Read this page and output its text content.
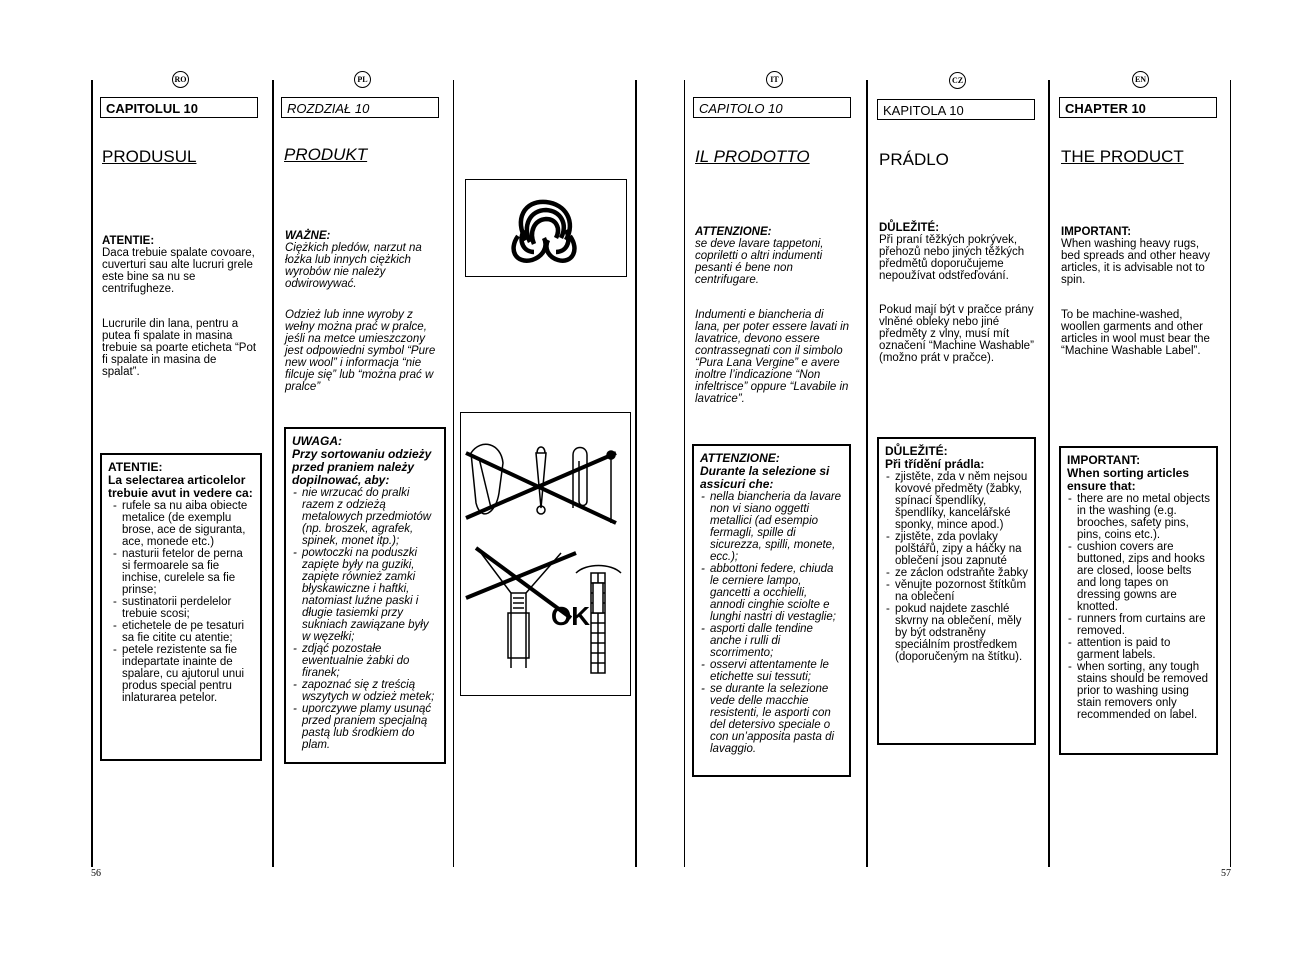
RO
CAPITOLUL 10
PRODUSUL
ATENTIE:
Daca trebuie spalate covoare, cuverturi sau alte lucruri grele este bine sa nu se centrifugheze.
Lucrurile din lana, pentru a putea fi spalate in masina trebuie sa poarte eticheta “Pot fi spalate in masina de spalat”.
ATENTIE:
La selectarea articolelor trebuie avut in vedere ca:
- rufele sa nu aiba obiecte metalice (de exemplu brose, ace de siguranta, ace, monede etc.)
- nasturii fetelor de perna si fermoarele sa fie inchise, curelele sa fie prinse;
- sustinatorii perdelelor trebuie scosi;
- etichetele de pe tesaturi sa fie citite cu atentie;
- petele rezistente sa fie indepartate inainte de spalare, cu ajutorul unui produs special pentru inlaturarea petelor.
PL
ROZDZIAŁ 10
PRODUKT
WAŻNE:
Ciężkich pledów, narzut na łożka lub innych ciężkich wyrobów nie należy odwirowywać.
Odzież lub inne wyroby z wełny można prać w pralce, jeśli na metce umieszczony jest odpowiedni symbol “Pure new wool” i informacja “nie filcuje się” lub “można prać w pralce”
UWAGA:
Przy sortowaniu odzieży przed praniem należy dopilnować, aby:
- nie wrzucać do pralki razem z odzieżą metalowych przedmiotów (np. broszek, agrafek, spinek, monet itp.);
- powtoczki na poduszki zapięte były na guziki, zapięte również zamki błyskawiczne i haftki, natomiast luźne paski i długie tasiemki przy sukniach zawiązane były w węzełki;
- zdjąć pozostałe ewentualnie żabki do firanek;
- zapoznać się z treścią wszytych w odzież metek;
- uporczywe plamy usunąć przed praniem specjalną pastą lub środkiem do plam.
OK
IT
CAPITOLO 10
IL PRODOTTO
ATTENZIONE:
se deve lavare tappetoni, copriletti o altri indumenti pesanti é bene non centrifugare.
Indumenti e biancheria di lana, per poter essere lavati in lavatrice, devono essere contrassegnati con il simbolo “Pura Lana Vergine” e avere inoltre l’indicazione “Non infeltrisce” oppure “Lavabile in lavatrice”.
ATTENZIONE:
Durante la selezione si assicuri che:
- nella biancheria da lavare non vi siano oggetti metallici (ad esempio fermagli, spille di sicurezza, spilli, monete, ecc.);
- abbottoni federe, chiuda le cerniere lampo, gancetti a occhielli, annodi cinghie sciolte e lunghi nastri di vestaglie;
- asporti dalle tendine anche i rulli di scorrimento;
- osservi attentamente le etichette sui tessuti;
- se durante la selezione vede delle macchie resistenti, le asporti con del detersivo speciale o con un’apposita pasta di lavaggio.
CZ
KAPITOLA 10
PRÁDLO
DŮLEŽITÉ:
Při praní těžkých pokrývek, přehozů nebo jiných těžkých předmětů doporučujeme nepoužívat odstřeďování.
Pokud mají být v pračce prány vlněné obleky nebo jiné předměty z vlny, musí mít označení “Machine Washable” (možno prát v pračce).
DŮLEŽITÉ:
Při třídění prádla:
- zjistěte, zda v něm nejsou kovové předměty (žabky, spínací špendlíky, špendlíky, kancelářské sponky, mince apod.)
- zjistěte, zda povlaky polštářů, zipy a háčky na oblečení jsou zapnuté
- ze záclon odstraňte žabky
- věnujte pozornost štítkům na oblečení
- pokud najdete zaschlé skvrny na oblečení, měly by být odstraněny speciálním prostředkem (doporučeným na štítku).
EN
CHAPTER 10
THE PRODUCT
IMPORTANT:
When washing heavy rugs, bed spreads and other heavy articles, it is advisable not to spin.
To be machine-washed, woollen garments and other articles in wool must bear the “Machine Washable Label”.
IMPORTANT:
When sorting articles ensure that:
- there are no metal objects in the washing (e.g. brooches, safety pins, pins, coins etc.).
- cushion covers are buttoned, zips and hooks are closed, loose belts and long tapes on dressing gowns are knotted.
- runners from curtains are removed.
- attention is paid to garment labels.
- when sorting, any tough stains should be removed prior to washing using stain removers only recommended on label.
56	57
